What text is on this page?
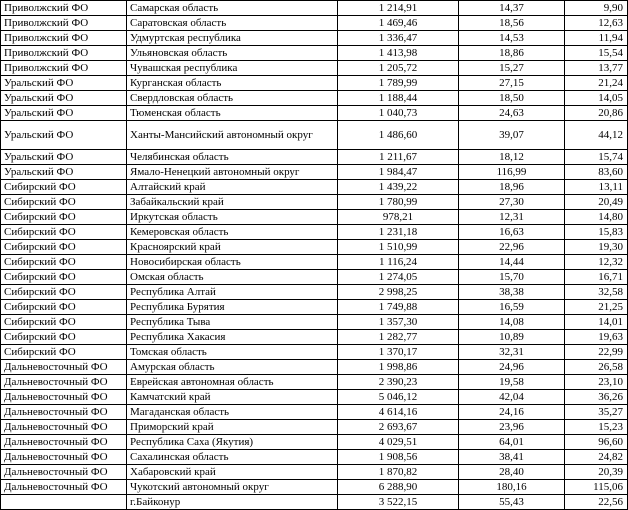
Приволжский ФО	Самарская область	1 214,91	14,37	9,90
Приволжский ФО	Саратовская область	1 469,46	18,56	12,63
Приволжский ФО	Удмуртская республика	1 336,47	14,53	11,94
Приволжский ФО	Ульяновская область	1 413,98	18,86	15,54
Приволжский ФО	Чувашская республика	1 205,72	15,27	13,77
Уральский ФО	Курганская область	1 789,99	27,15	21,24
Уральский ФО	Свердловская область	1 188,44	18,50	14,05
Уральский ФО	Тюменская область	1 040,73	24,63	20,86
Уральский ФО	Ханты-Мансийский автономный округ	1 486,60	39,07	44,12
Уральский ФО	Челябинская область	1 211,67	18,12	15,74
Уральский ФО	Ямало-Ненецкий автономный округ	1 984,47	116,99	83,60
Сибирский ФО	Алтайский край	1 439,22	18,96	13,11
Сибирский ФО	Забайкальский край	1 780,99	27,30	20,49
Сибирский ФО	Иркутская область	978,21	12,31	14,80
Сибирский ФО	Кемеровская область	1 231,18	16,63	15,83
Сибирский ФО	Красноярский край	1 510,99	22,96	19,30
Сибирский ФО	Новосибирская область	1 116,24	14,44	12,32
Сибирский ФО	Омская область	1 274,05	15,70	16,71
Сибирский ФО	Республика Алтай	2 998,25	38,38	32,58
Сибирский ФО	Республика Бурятия	1 749,88	16,59	21,25
Сибирский ФО	Республика Тыва	1 357,30	14,08	14,01
Сибирский ФО	Республика Хакасия	1 282,77	10,89	19,63
Сибирский ФО	Томская область	1 370,17	32,31	22,99
Дальневосточный ФО	Амурская область	1 998,86	24,96	26,58
Дальневосточный ФО	Еврейская автономная область	2 390,23	19,58	23,10
Дальневосточный ФО	Камчатский край	5 046,12	42,04	36,26
Дальневосточный ФО	Магаданская область	4 614,16	24,16	35,27
Дальневосточный ФО	Приморский край	2 693,67	23,96	15,23
Дальневосточный ФО	Республика Саха (Якутия)	4 029,51	64,01	96,60
Дальневосточный ФО	Сахалинская область	1 908,56	38,41	24,82
Дальневосточный ФО	Хабаровский край	1 870,82	28,40	20,39
Дальневосточный ФО	Чукотский автономный округ	6 288,90	180,16	115,06
	г.Байконур	3 522,15	55,43	22,56
